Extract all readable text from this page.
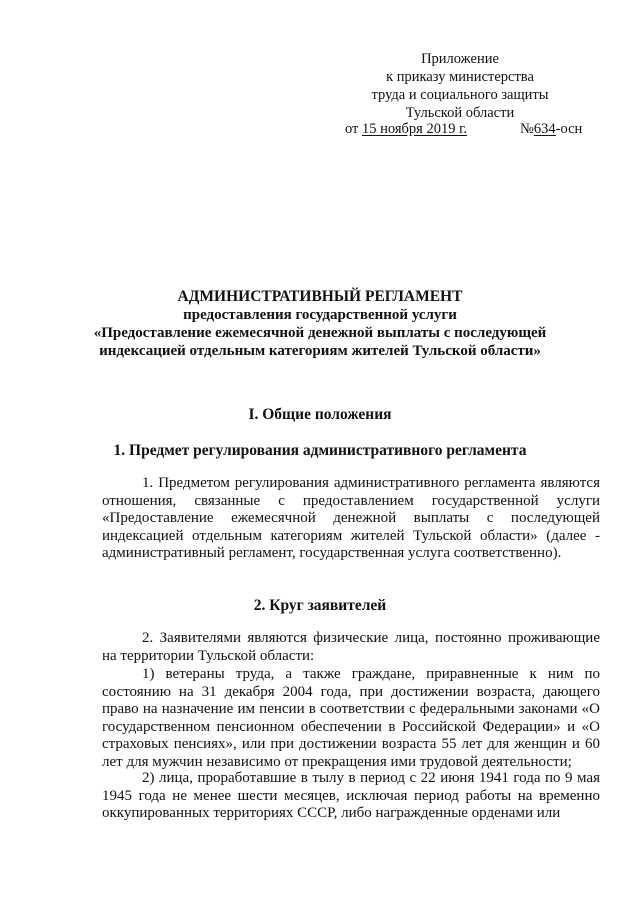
Приложение
к приказу министерства
труда и социального защиты
Тульской области
от 15 ноября 2019 г.	№634-осн
АДМИНИСТРАТИВНЫЙ РЕГЛАМЕНТ
предоставления государственной услуги
«Предоставление ежемесячной денежной выплаты с последующей
индексацией отдельным категориям жителей Тульской области»
I. Общие положения
1. Предмет регулирования административного регламента
1. Предметом регулирования административного регламента являются отношения, связанные с предоставлением государственной услуги «Предоставление ежемесячной денежной выплаты с последующей индексацией отдельным категориям жителей Тульской области» (далее - административный регламент, государственная услуга соответственно).
2. Круг заявителей
2. Заявителями являются физические лица, постоянно проживающие на территории Тульской области:
1) ветераны труда, а также граждане, приравненные к ним по состоянию на 31 декабря 2004 года, при достижении возраста, дающего право на назначение им пенсии в соответствии с федеральными законами «О государственном пенсионном обеспечении в Российской Федерации» и «О страховых пенсиях», или при достижении возраста 55 лет для женщин и 60 лет для мужчин независимо от прекращения ими трудовой деятельности;
2) лица, проработавшие в тылу в период с 22 июня 1941 года по 9 мая 1945 года не менее шести месяцев, исключая период работы на временно оккупированных территориях СССР, либо награжденные орденами или
